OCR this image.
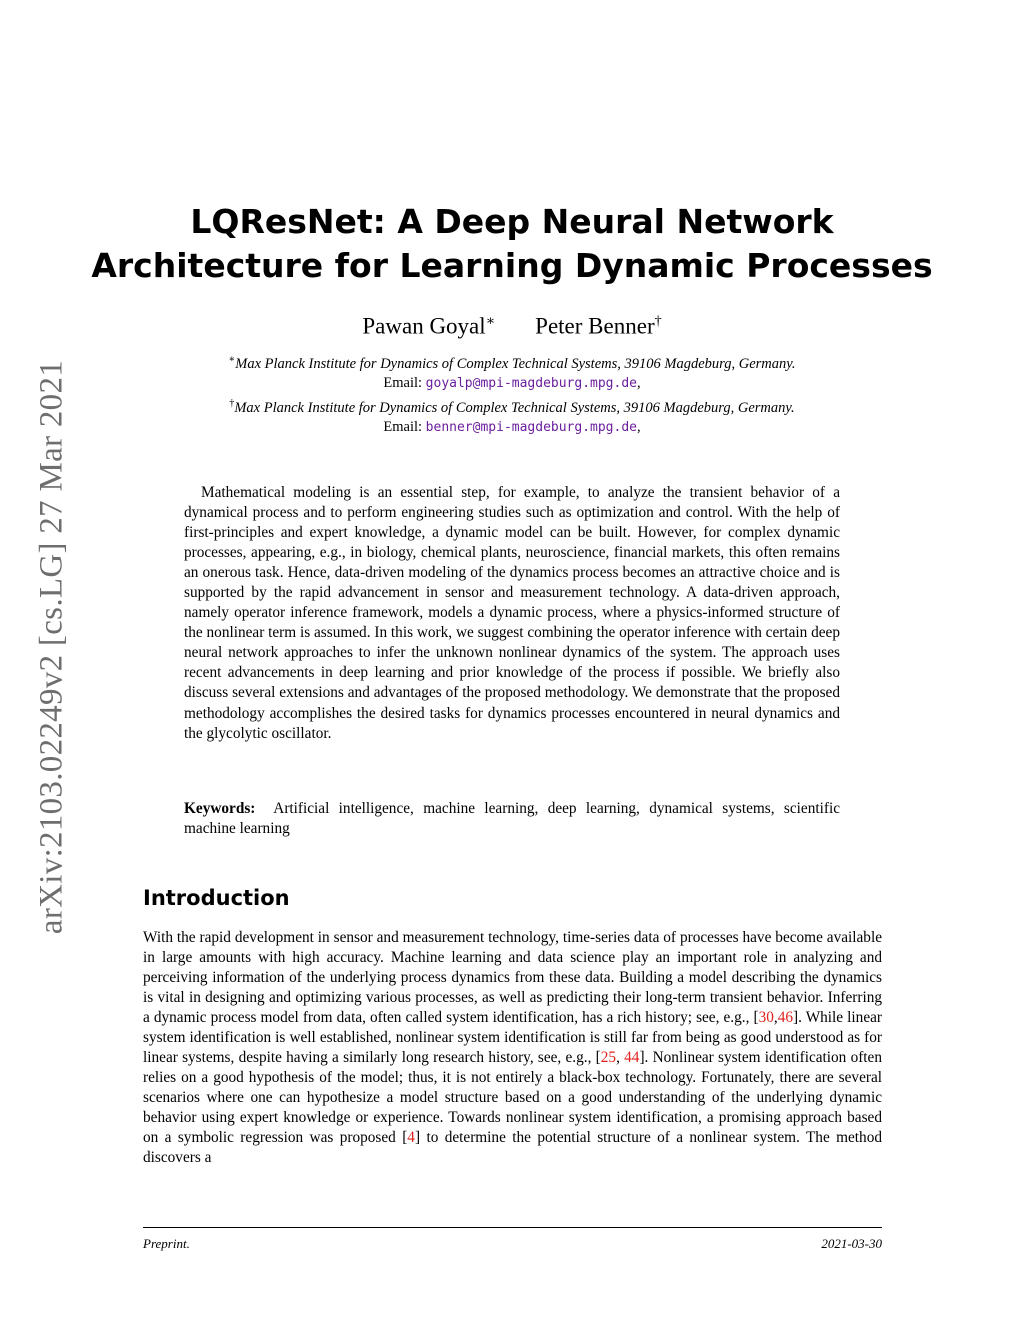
arXiv:2103.02249v2 [cs.LG] 27 Mar 2021
LQResNet: A Deep Neural Network
Architecture for Learning Dynamic Processes
Pawan Goyal∗ Peter Benner†
∗Max Planck Institute for Dynamics of Complex Technical Systems, 39106 Magdeburg, Germany.
Email: goyalp@mpi-magdeburg.mpg.de,
†Max Planck Institute for Dynamics of Complex Technical Systems, 39106 Magdeburg, Germany.
Email: benner@mpi-magdeburg.mpg.de,

Mathematical modeling is an essential step, for example, to analyze the transient behavior of a dynamical process and to perform engineering studies such as optimization and control. With the help of first-principles and expert knowledge, a dynamic model can be built. However, for complex dynamic processes, appearing, e.g., in biology, chemical plants, neuroscience, financial markets, this often remains an onerous task. Hence, data-driven modeling of the dynamics process becomes an attractive choice and is supported by the rapid advancement in sensor and measurement technology. A data-driven approach, namely operator inference framework, models a dynamic process, where a physics-informed structure of the nonlinear term is assumed. In this work, we suggest combining the operator inference with certain deep neural network approaches to infer the unknown nonlinear dynamics of the system. The approach uses recent advancements in deep learning and prior knowledge of the process if possible. We briefly also discuss several extensions and advantages of the proposed methodology. We demonstrate that the proposed methodology accomplishes the desired tasks for dynamics processes encountered in neural dynamics and the glycolytic oscillator.

Keywords: Artificial intelligence, machine learning, deep learning, dynamical systems, scientific machine learning
Introduction

With the rapid development in sensor and measurement technology, time-series data of processes have become available in large amounts with high accuracy. Machine learning and data science play an important role in analyzing and perceiving information of the underlying process dynamics from these data. Building a model describing the dynamics is vital in designing and optimizing various processes, as well as predicting their long-term transient behavior. Inferring a dynamic process model from data, often called system identification, has a rich history; see, e.g., [30,46]. While linear system identification is well established, nonlinear system identification is still far from being as good understood as for linear systems, despite having a similarly long research history, see, e.g., [25, 44]. Nonlinear system identification often relies on a good hypothesis of the model; thus, it is not entirely a black-box technology. Fortunately, there are several scenarios where one can hypothesize a model structure based on a good understanding of the underlying dynamic behavior using expert knowledge or experience. Towards nonlinear system identification, a promising approach based on a symbolic regression was proposed [4] to determine the potential structure of a nonlinear system. The method discovers a

Preprint.	2021-03-30
